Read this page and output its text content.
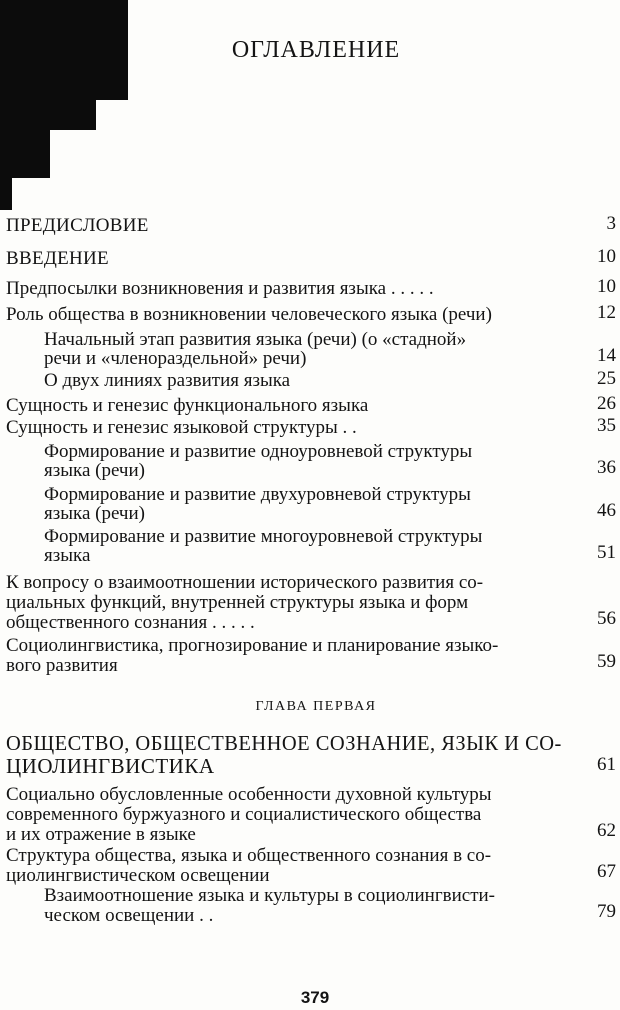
ОГЛАВЛЕНИЕ
ПРЕДИСЛОВИЕ	3
ВВЕДЕНИЕ	10
Предпосылки возникновения и развития языка . . . . .	10
Роль общества в возникновении человеческого языка (речи)	12
Начальный этап развития языка (речи) (о «стадной»
речи и «членораздельной» речи)	14
О двух линиях развития языка	25
Сущность и генезис функционального языка	26
Сущность и генезис языковой структуры . .	35
Формирование и развитие одноуровневой структуры
языка (речи)	36
Формирование и развитие двухуровневой структуры
языка (речи)	46
Формирование и развитие многоуровневой структуры
языка	51
К вопросу о взаимоотношении исторического развития со-
циальных функций, внутренней структуры языка и форм
общественного сознания . . . . .	56
Социолингвистика, прогнозирование и планирование языко-
вого развития	59
ГЛАВА ПЕРВАЯ
ОБЩЕСТВО, ОБЩЕСТВЕННОЕ СОЗНАНИЕ, ЯЗЫК И СО-
ЦИОЛИНГВИСТИКА	61
Социально обусловленные особенности духовной культуры
современного буржуазного и социалистического общества
и их отражение в языке	62
Структура общества, языка и общественного сознания в со-
циолингвистическом освещении	67
Взаимоотношение языка и культуры в социолингвисти-
ческом освещении . .	79
379
